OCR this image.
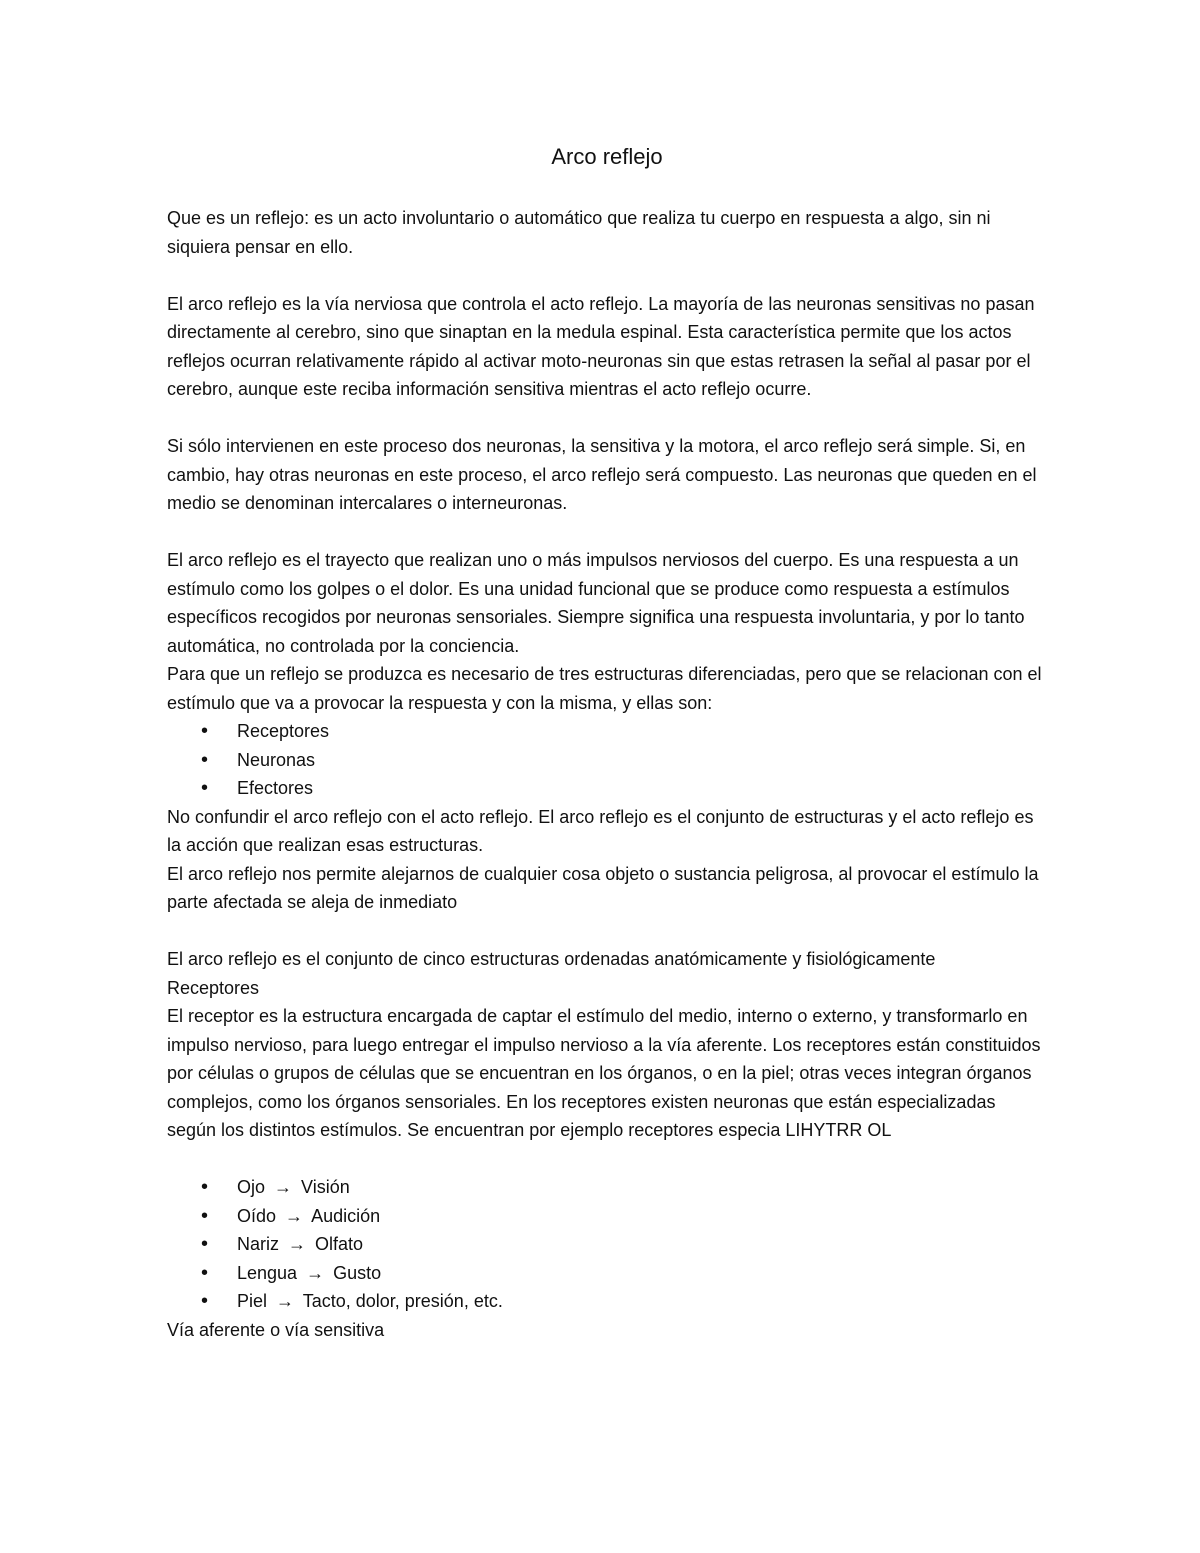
Arco reflejo

Que es un reflejo: es un acto involuntario o automático que realiza tu cuerpo en respuesta a algo, sin ni siquiera pensar en ello.

El arco reflejo es la vía nerviosa que controla el acto reflejo. La mayoría de las neuronas sensitivas no pasan directamente al cerebro, sino que sinaptan en la medula espinal. Esta característica permite que los actos reflejos ocurran relativamente rápido al activar moto-neuronas sin que estas retrasen la señal al pasar por el cerebro, aunque este reciba información sensitiva mientras el acto reflejo ocurre.

Si sólo intervienen en este proceso dos neuronas, la sensitiva y la motora, el arco reflejo será simple. Si, en cambio, hay otras neuronas en este proceso, el arco reflejo será compuesto. Las neuronas que queden en el medio se denominan intercalares o interneuronas.

El arco reflejo es el trayecto que realizan uno o más impulsos nerviosos del cuerpo. Es una respuesta a un estímulo como los golpes o el dolor. Es una unidad funcional que se produce como respuesta a estímulos específicos recogidos por neuronas sensoriales. Siempre significa una respuesta involuntaria, y por lo tanto automática, no controlada por la conciencia.

Para que un reflejo se produzca es necesario de tres estructuras diferenciadas, pero que se relacionan con el estímulo que va a provocar la respuesta y con la misma, y ellas son:

• Receptores
• Neuronas
• Efectores

No confundir el arco reflejo con el acto reflejo. El arco reflejo es el conjunto de estructuras y el acto reflejo es la acción que realizan esas estructuras.

El arco reflejo nos permite alejarnos de cualquier cosa objeto o sustancia peligrosa, al provocar el estímulo la parte afectada se aleja de inmediato

El arco reflejo es el conjunto de cinco estructuras ordenadas anatómicamente y fisiológicamente

Receptores

El receptor es la estructura encargada de captar el estímulo del medio, interno o externo, y transformarlo en impulso nervioso, para luego entregar el impulso nervioso a la vía aferente. Los receptores están constituidos por células o grupos de células que se encuentran en los órganos, o en la piel; otras veces integran órganos complejos, como los órganos sensoriales. En los receptores existen neuronas que están especializadas según los distintos estímulos. Se encuentran por ejemplo receptores especia LIHYTRR OL

• Ojo → Visión
• Oído → Audición
• Nariz → Olfato
• Lengua → Gusto
• Piel → Tacto, dolor, presión, etc.

Vía aferente o vía sensitiva
